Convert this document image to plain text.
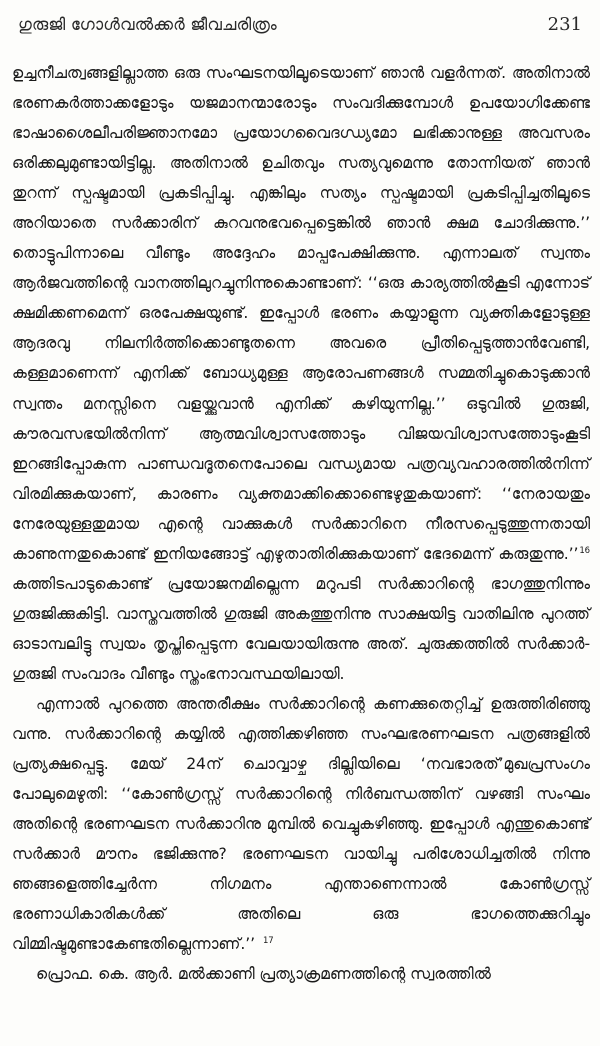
ഗുരുജി ഗോൾവൽക്കർ ജീവചരിത്രം	231

ഉച്ചനീചത്വങ്ങളില്ലാത്ത ഒരു സംഘടനയിലൂടെയാണ് ഞാൻ വളർന്നത്. അതിനാൽ ഭരണകർത്താക്കളോടും യജമാനന്മാരോടും സംവദിക്കുമ്പോൾ ഉപയോഗിക്കേണ്ട ഭാഷാശൈലീപരിജ്ഞാനമോ പ്രയോഗവൈദഗ്ധ്യമോ ലഭിക്കാനുള്ള അവസരം ഒരിക്കലുമുണ്ടായിട്ടില്ല. അതിനാൽ ഉചിതവും സത്യവുമെന്നു തോന്നിയത് ഞാൻ തുറന്ന് സ്പഷ്ടമായി പ്രകടിപ്പിച്ചു. എങ്കിലും സത്യം സ്പഷ്ടമായി പ്രകടിപ്പിച്ചതിലൂടെ അറിയാതെ സർക്കാരിന് കുറവനുഭവപ്പെട്ടെങ്കിൽ ഞാൻ ക്ഷമ ചോദിക്കുന്നു.’’ തൊട്ടുപിന്നാലെ വീണ്ടും അദ്ദേഹം മാപ്പപേക്ഷിക്കുന്നു. എന്നാലത് സ്വന്തം ആർജവത്തിന്റെ വാനത്തിലുറച്ചുനിന്നുകൊണ്ടാണ്: ‘‘ഒരു കാര്യത്തിൽകൂടി എന്നോട് ക്ഷമിക്കണമെന്ന് ഒരപേക്ഷയുണ്ട്. ഇപ്പോൾ ഭരണം കയ്യാളുന്ന വ്യക്തികളോടുള്ള ആദരവു നിലനിർത്തിക്കൊണ്ടുതന്നെ അവരെ പ്രീതിപ്പെടുത്താൻവേണ്ടി, കള്ളമാണെന്ന് എനിക്ക് ബോധ്യമുള്ള ആരോപണങ്ങൾ സമ്മതിച്ചുകൊടുക്കാൻ സ്വന്തം മനസ്സിനെ വളയ്ക്കുവാൻ എനിക്ക് കഴിയുന്നില്ല.’’ ഒടുവിൽ ഗുരുജി, കൗരവസഭയിൽനിന്ന് ആത്മവിശ്വാസത്തോടും വിജയവിശ്വാസത്തോടുംകൂടി ഇറങ്ങിപ്പോകുന്ന പാണ്ഡവദൂതനെപോലെ വന്ധ്യമായ പത്രവ്യവഹാരത്തിൽനിന്ന് വിരമിക്കുകയാണ്, കാരണം വ്യക്തമാക്കിക്കൊണ്ടെഴുതുകയാണ്: ‘‘നേരായതും നേരേയുള്ളതുമായ എന്റെ വാക്കുകൾ സർക്കാറിനെ നീരസപ്പെടുത്തുന്നതായി കാണുന്നതുകൊണ്ട് ഇനിയങ്ങോട്ട് എഴുതാതിരിക്കുകയാണ് ഭേദമെന്ന് കരുതുന്നു.’’$^{16}$ കത്തിടപാടുകൊണ്ട് പ്രയോജനമില്ലെന്ന മറുപടി സർക്കാറിന്റെ ഭാഗത്തുനിന്നും ഗുരുജിക്കുകിട്ടി. വാസ്തവത്തിൽ ഗുരുജി അകത്തുനിന്നു സാക്ഷയിട്ട വാതിലിനു പുറത്ത് ഓടാമ്പലിട്ടു സ്വയം തൃപ്തിപ്പെടുന്ന വേലയായിരുന്നു അത്. ചുരുക്കത്തിൽ സർക്കാർ-ഗുരുജി സംവാദം വീണ്ടും സ്തംഭനാവസ്ഥയിലായി.

എന്നാൽ പുറത്തെ അന്തരീക്ഷം സർക്കാറിന്റെ കണക്കുതെറ്റിച്ച് ഉരുത്തിരിഞ്ഞു വന്നു. സർക്കാറിന്റെ കയ്യിൽ എത്തിക്കഴിഞ്ഞ സംഘഭരണഘടന പത്രങ്ങളിൽ പ്രത്യക്ഷപ്പെട്ടു. മേയ് 24ന് ചൊവ്വാഴ്ച ദില്ലിയിലെ ‘നവഭാരത്’മുഖപ്രസംഗം പോലുമെഴുതി: ‘‘കോൺഗ്രസ്സ് സർക്കാറിന്റെ നിർബന്ധത്തിന് വഴങ്ങി സംഘം അതിന്റെ ഭരണഘടന സർക്കാറിനു മുമ്പിൽ വെച്ചുകഴിഞ്ഞു. ഇപ്പോൾ എന്തുകൊണ്ട് സർക്കാർ മൗനം ഭജിക്കുന്നു? ഭരണഘടന വായിച്ചു പരിശോധിച്ചതിൽ നിന്നു ഞങ്ങളെത്തിച്ചേർന്ന നിഗമനം എന്താണെന്നാൽ കോൺഗ്രസ്സ് ഭരണാധികാരികൾക്ക് അതിലെ ഒരു ഭാഗത്തെക്കുറിച്ചും വിമ്മിഷ്ടമുണ്ടാകേണ്ടതില്ലെന്നാണ്.’’ $^{17}$

പ്രൊഫ. കെ. ആർ. മൽക്കാണി പ്രത്യാക്രമണത്തിന്റെ സ്വരത്തിൽ
